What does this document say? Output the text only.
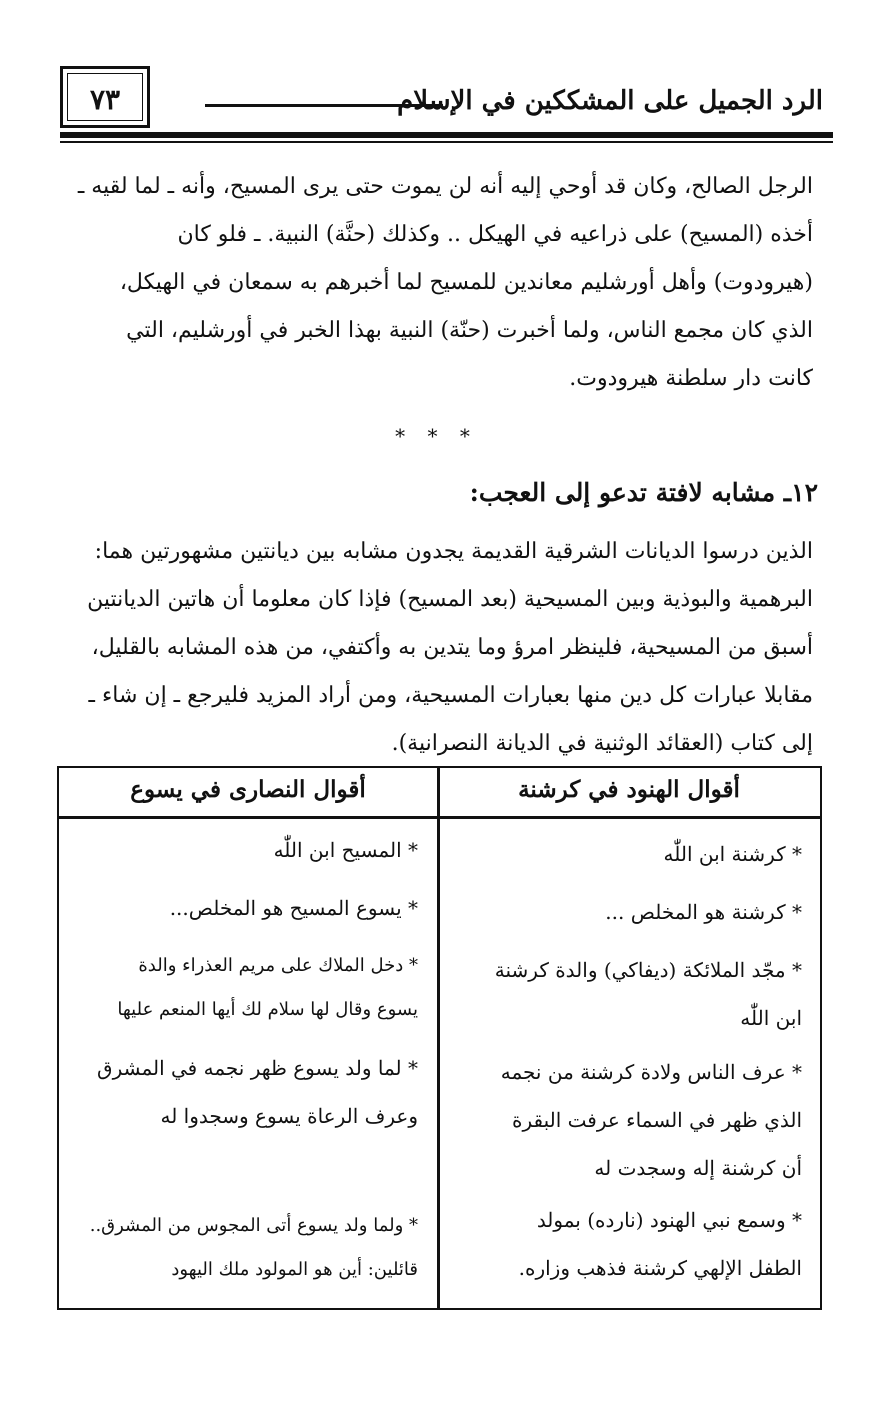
٧٣	الرد الجميل على المشككين في الإسلام
الرجل الصالح، وكان قد أوحي إليه أنه لن يموت حتى يرى المسيح، وأنه ـ لما لقيه ـ
أخذه (المسيح) على ذراعيه في الهيكل .. وكذلك (حنَّة) النبية. ـ فلو كان
(هيرودوت) وأهل أورشليم معاندين للمسيح لما أخبرهم به سمعان في الهيكل،
الذي كان مجمع الناس، ولما أخبرت (حنّة) النبية بهذا الخبر في أورشليم، التي
كانت دار سلطنة هيرودوت.
* * *
١٢ـ مشابه لافتة تدعو إلى العجب:
الذين درسوا الديانات الشرقية القديمة يجدون مشابه بين ديانتين مشهورتين هما:
البرهمية والبوذية وبين المسيحية (بعد المسيح) فإذا كان معلوما أن هاتين الديانتين
أسبق من المسيحية، فلينظر امرؤ وما يتدين به وأكتفي، من هذه المشابه بالقليل،
مقابلا عبارات كل دين منها بعبارات المسيحية، ومن أراد المزيد فليرجع ـ إن شاء ـ
إلى كتاب (العقائد الوثنية في الديانة النصرانية).
أقوال الهنود في كرشنة
أقوال النصارى في يسوع
* كرشنة ابن اللّٰه
* المسيح ابن اللّٰه
* كرشنة هو المخلص ...
* يسوع المسيح هو المخلص...
* مجّد الملائكة (ديفاكي) والدة كرشنة
ابن اللّٰه
* دخل الملاك على مريم العذراء والدة
يسوع وقال لها سلام لك أيها المنعم عليها
* عرف الناس ولادة كرشنة من نجمه
الذي ظهر في السماء عرفت البقرة
أن كرشنة إله وسجدت له
* لما ولد يسوع ظهر نجمه في المشرق
وعرف الرعاة يسوع وسجدوا له
* وسمع نبي الهنود (نارده) بمولد
الطفل الإلهي كرشنة فذهب وزاره.
* ولما ولد يسوع أتى المجوس من المشرق..
قائلين: أين هو المولود ملك اليهود
